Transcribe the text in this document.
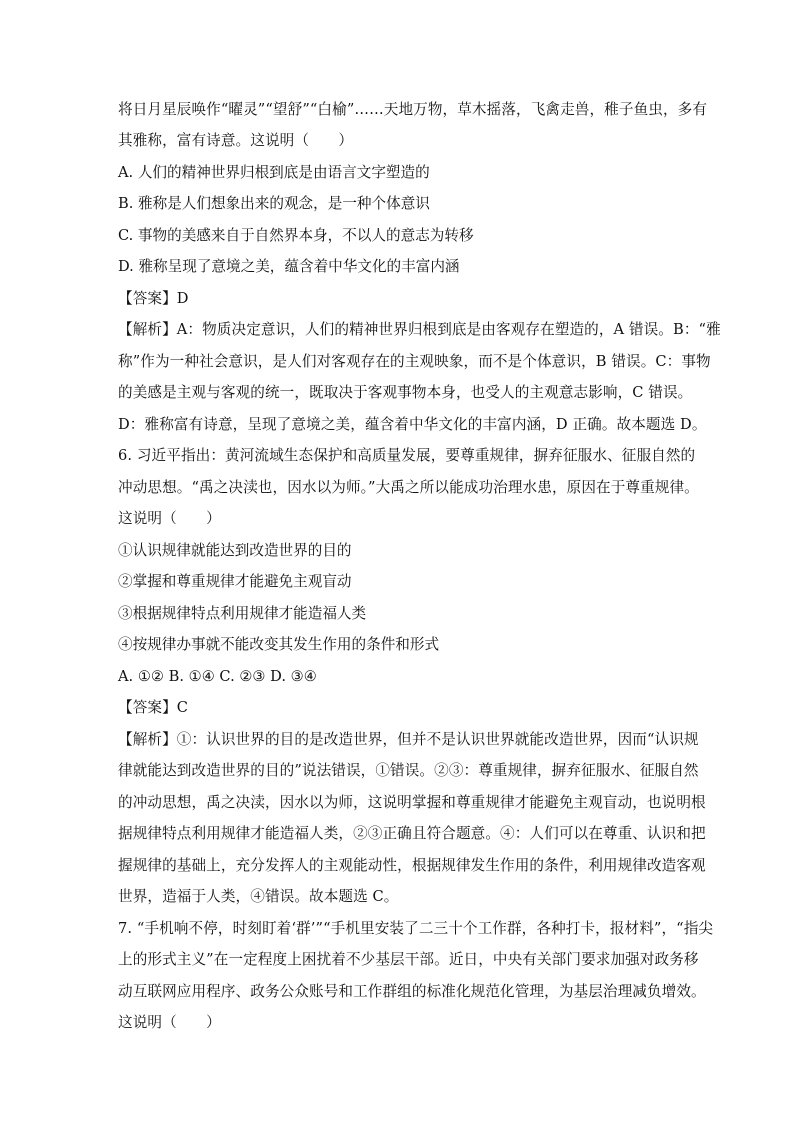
将日月星辰唤作“曜灵”“望舒”“白榆”……天地万物，草木摇落，飞禽走兽，稚子鱼虫，多有
其雅称，富有诗意。这说明（　　）
A. 人们的精神世界归根到底是由语言文字塑造的
B. 雅称是人们想象出来的观念，是一种个体意识
C. 事物的美感来自于自然界本身，不以人的意志为转移
D. 雅称呈现了意境之美，蕴含着中华文化的丰富内涵
【答案】D
【解析】A：物质决定意识，人们的精神世界归根到底是由客观存在塑造的，A 错误。B：“雅
称”作为一种社会意识，是人们对客观存在的主观映象，而不是个体意识，B 错误。C：事物
的美感是主观与客观的统一，既取决于客观事物本身，也受人的主观意志影响，C 错误。
D：雅称富有诗意，呈现了意境之美，蕴含着中华文化的丰富内涵，D 正确。故本题选 D。
6. 习近平指出：黄河流域生态保护和高质量发展，要尊重规律，摒弃征服水、征服自然的
冲动思想。“禹之决渎也，因水以为师。”大禹之所以能成功治理水患，原因在于尊重规律。
这说明（　　）
①认识规律就能达到改造世界的目的
②掌握和尊重规律才能避免主观盲动
③根据规律特点利用规律才能造福人类
④按规律办事就不能改变其发生作用的条件和形式
A. ①② B. ①④ C. ②③ D. ③④
【答案】C
【解析】①：认识世界的目的是改造世界，但并不是认识世界就能改造世界，因而“认识规
律就能达到改造世界的目的”说法错误，①错误。②③：尊重规律，摒弃征服水、征服自然
的冲动思想，禹之决渎，因水以为师，这说明掌握和尊重规律才能避免主观盲动，也说明根
据规律特点利用规律才能造福人类，②③正确且符合题意。④：人们可以在尊重、认识和把
握规律的基础上，充分发挥人的主观能动性，根据规律发生作用的条件，利用规律改造客观
世界，造福于人类，④错误。故本题选 C。
7. “手机响不停，时刻盯着‘群’”“手机里安装了二三十个工作群，各种打卡，报材料”，“指尖
上的形式主义”在一定程度上困扰着不少基层干部。近日，中央有关部门要求加强对政务移
动互联网应用程序、政务公众账号和工作群组的标准化规范化管理，为基层治理减负增效。
这说明（　　）
